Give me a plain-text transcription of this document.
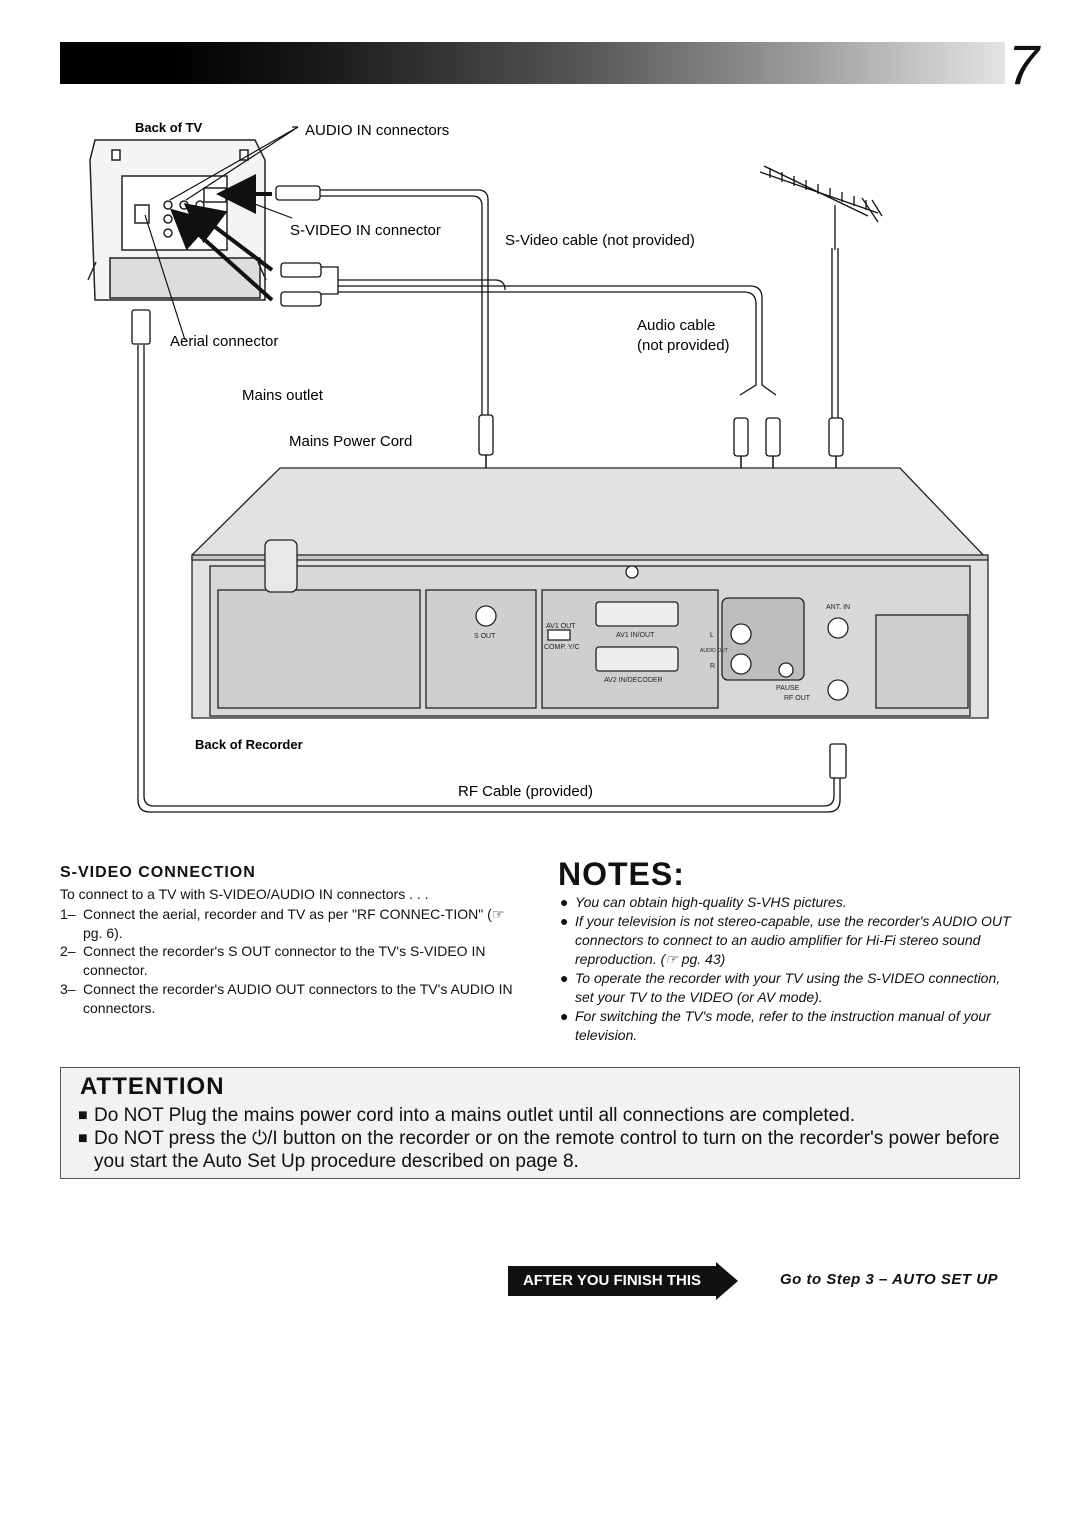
7
Back of TV	AUDIO IN connectors
S-VIDEO IN connector
S-Video cable (not provided)
Audio cable
(not provided)
Aerial connector
Mains outlet
Mains Power Cord
Back of Recorder
RF Cable (provided)
S OUT
AV1 OUT
COMP. Y/C
AV1 IN/OUT
AV2 IN/DECODER
L
AUDIO OUT
R
ANT. IN
PAUSE
RF OUT
S-VIDEO CONNECTION
To connect to a TV with S-VIDEO/AUDIO IN connectors . . .
1– Connect the aerial, recorder and TV as per "RF CONNEC-TION" (☞ pg. 6).
2– Connect the recorder's S OUT connector to the TV's S-VIDEO IN connector.
3– Connect the recorder's AUDIO OUT connectors to the TV's AUDIO IN connectors.
NOTES:
● You can obtain high-quality S-VHS pictures.
● If your television is not stereo-capable, use the recorder's AUDIO OUT connectors to connect to an audio amplifier for Hi-Fi stereo sound reproduction. (☞ pg. 43)
● To operate the recorder with your TV using the S-VIDEO connection, set your TV to the VIDEO (or AV mode).
● For switching the TV's mode, refer to the instruction manual of your television.
ATTENTION
■ Do NOT Plug the mains power cord into a mains outlet until all connections are completed.
■ Do NOT press the ⏻/I button on the recorder or on the remote control to turn on the recorder's power before you start the Auto Set Up procedure described on page 8.
AFTER YOU FINISH THIS STEP
Go to Step 3 – AUTO SET UP
